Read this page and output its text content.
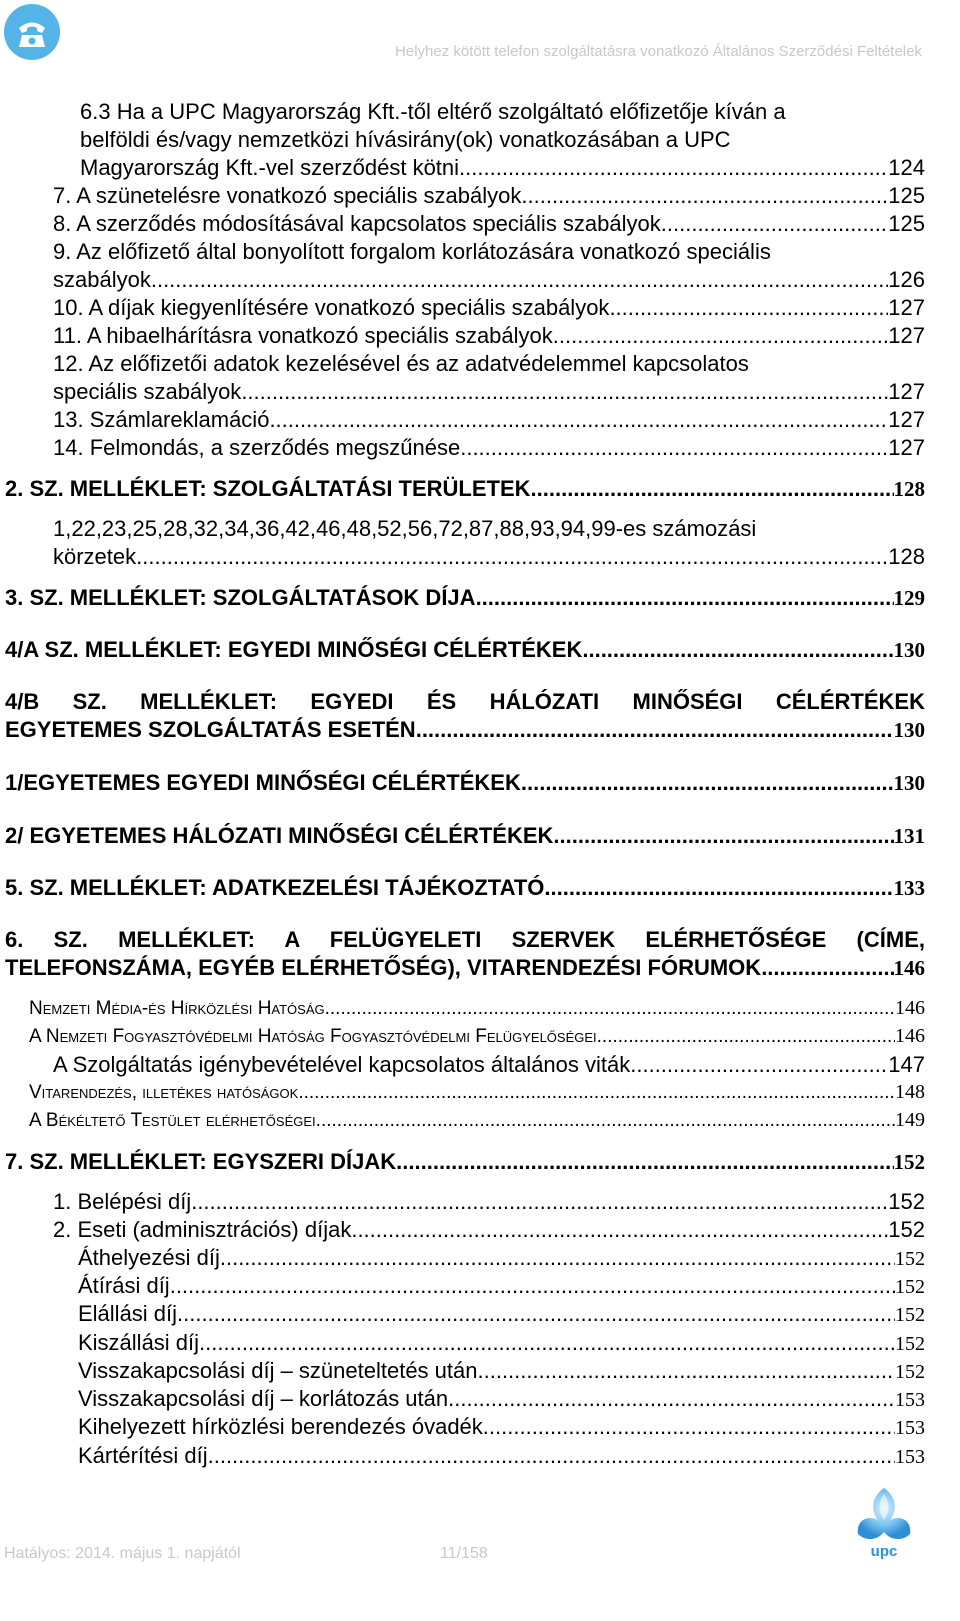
Helyhez kötött telefon szolgáltatásra vonatkozó Általános Szerződési Feltételek
6.3 Ha a UPC Magyarország Kft.-től eltérő szolgáltató előfizetője kíván a
belföldi és/vagy nemzetközi hívásirány(ok) vonatkozásában a UPC
Magyarország Kft.-vel szerződést kötni .....	124
7. A szünetelésre vonatkozó speciális szabályok .....	125
8. A szerződés módosításával kapcsolatos speciális szabályok .....	125
9. Az előfizető által bonyolított forgalom korlátozására vonatkozó speciális
szabályok .....	126
10. A díjak kiegyenlítésére vonatkozó speciális szabályok .....	127
11. A hibaelhárításra vonatkozó speciális szabályok .....	127
12. Az előfizetői adatok kezelésével és az adatvédelemmel kapcsolatos
speciális szabályok .....	127
13. Számlareklamáció .....	127
14. Felmondás, a szerződés megszűnése .....	127
2. SZ. MELLÉKLET: SZOLGÁLTATÁSI TERÜLETEK .....	128
1,22,23,25,28,32,34,36,42,46,48,52,56,72,87,88,93,94,99-es számozási
körzetek .....	128
3. SZ. MELLÉKLET: SZOLGÁLTATÁSOK DÍJA .....	129
4/A SZ. MELLÉKLET: EGYEDI MINŐSÉGI CÉLÉRTÉKEK .....	130
4/B SZ. MELLÉKLET: EGYEDI ÉS HÁLÓZATI MINŐSÉGI CÉLÉRTÉKEK
EGYETEMES SZOLGÁLTATÁS ESETÉN .....	130
1/EGYETEMES EGYEDI MINŐSÉGI CÉLÉRTÉKEK .....	130
2/ EGYETEMES HÁLÓZATI MINŐSÉGI CÉLÉRTÉKEK .....	131
5. SZ. MELLÉKLET: ADATKEZELÉSI TÁJÉKOZTATÓ .....	133
6. SZ. MELLÉKLET: A FELÜGYELETI SZERVEK ELÉRHETŐSÉGE (CÍME,
TELEFONSZÁMA, EGYÉB ELÉRHETŐSÉG), VITARENDEZÉSI FÓRUMOK .....	146
Nemzeti Média-és Hírközlési Hatóság .....	146
A Nemzeti Fogyasztóvédelmi Hatóság Fogyasztóvédelmi Felügyelőségei .....	146
A Szolgáltatás igénybevételével kapcsolatos általános viták .....	147
Vitarendezés, illetékes hatóságok .....	148
A Békéltető Testület elérhetőségei .....	149
7. SZ. MELLÉKLET: EGYSZERI DÍJAK .....	152
1. Belépési díj .....	152
2. Eseti (adminisztrációs) díjak .....	152
Áthelyezési díj .....	152
Átírási díj .....	152
Elállási díj .....	152
Kiszállási díj .....	152
Visszakapcsolási díj – szüneteltetés után .....	152
Visszakapcsolási díj – korlátozás után .....	153
Kihelyezett hírközlési berendezés óvadék .....	153
Kártérítési díj .....	153
upc
Hatályos: 2014. május 1. napjától	11/158
